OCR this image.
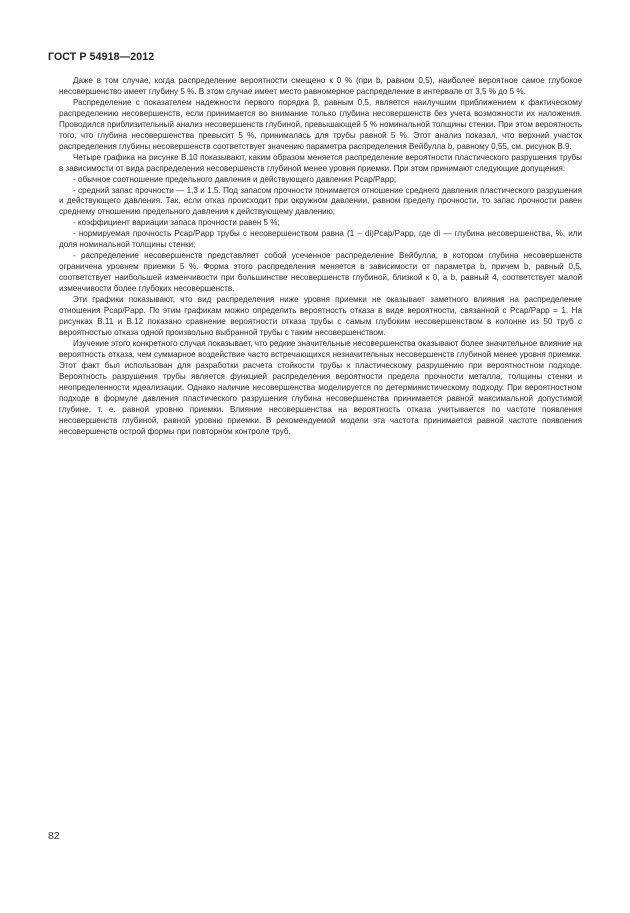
ГОСТ Р 54918—2012

Даже в том случае, когда распределение вероятности смещено к 0 % (при b, равном 0,5), наиболее вероятное самое глубокое несовершенство имеет глубину 5 %. В этом случае имеет место равномерное распределение в интервале от 3,5 % до 5 %.

Распределение с показателем надежности первого порядка β, равным 0,5, является наилучшим приближением к фактическому распределению несовершенств, если принимается во внимание только глубина несовершенств без учета возможности их наложения. Проводился приблизительный анализ несовершенств глубиной, превышающей 5 % номинальной толщины стенки. При этом вероятность того, что глубина несовершенства превысит 5 %, принималась для трубы равной 5 %. Этот анализ показал, что верхний участок распределения глубины несовершенств соответствует значению параметра распределения Вейбулла b, равному 0,55, см. рисунок В.9.

Четыре графика на рисунке В.10 показывают, каким образом меняется распределение вероятности пластического разрушения трубы в зависимости от вида распределения несовершенств глубиной менее уровня приемки. При этом принимают следующие допущения:

- обычное соотношение предельного давления и действующего давления Pcap/Papp;

- средний запас прочности — 1,3 и 1,5. Под запасом прочности понимается отношение среднего давления пластического разрушения и действующего давления. Так, если отказ происходит при окружном давлении, равном пределу прочности, то запас прочности равен среднему отношению предельного давления к действующему давлению;

- коэффициент вариации запаса прочности равен 5 %;

- нормируемая прочность Pcap/Papp трубы с несовершенством равна (1 – di)Pcap/Papp, где di — глубина несовершенства, %, или доля номинальной толщины стенки;

- распределение несовершенств представляет собой усеченное распределение Вейбулла, в котором глубина несовершенств ограничена уровнем приемки 5 %. Форма этого распределения меняется в зависимости от параметра b, причем b, равный 0,5, соответствует наибольшей изменчивости при большинстве несовершенств глубиной, близкой к 0, а b, равный 4, соответствует малой изменчивости более глубоких несовершенств.

Эти графики показывают, что вид распределения ниже уровня приемки не оказывает заметного влияния на распределение отношения Pcap/Papp. По этим графикам можно определить вероятность отказа в виде вероятности, связанной с Pcap/Papp = 1. На рисунках В.11 и В.12 показано сравнение вероятности отказа трубы с самым глубоким несовершенством в колонне из 50 труб с вероятностью отказа одной произвольно выбранной трубы с таким несовершенством.

Изучение этого конкретного случая показывает, что редкие значительные несовершенства оказывают более значительное влияние на вероятность отказа, чем суммарное воздействие часто встречающихся незначительных несовершенств глубиной менее уровня приемки. Этот факт был использован для разработки расчета стойкости трубы к пластическому разрушению при вероятностном подходе. Вероятность разрушения трубы является функцией распределения вероятности предела прочности металла, толщины стенки и неопределенности идеализации. Однако наличие несовершенства моделируется по детерминистическому подходу. При вероятностном подходе в формуле давления пластического разрушения глубина несовершенства принимается равной максимальной допустимой глубине, т. е. равной уровню приемки. Влияние несовершенства на вероятность отказа учитывается по частоте появления несовершенств глубиной, равной уровню приемки. В рекомендуемой модели эта частота принимается равной частоте появления несовершенств острой формы при повторном контроле труб.

82
